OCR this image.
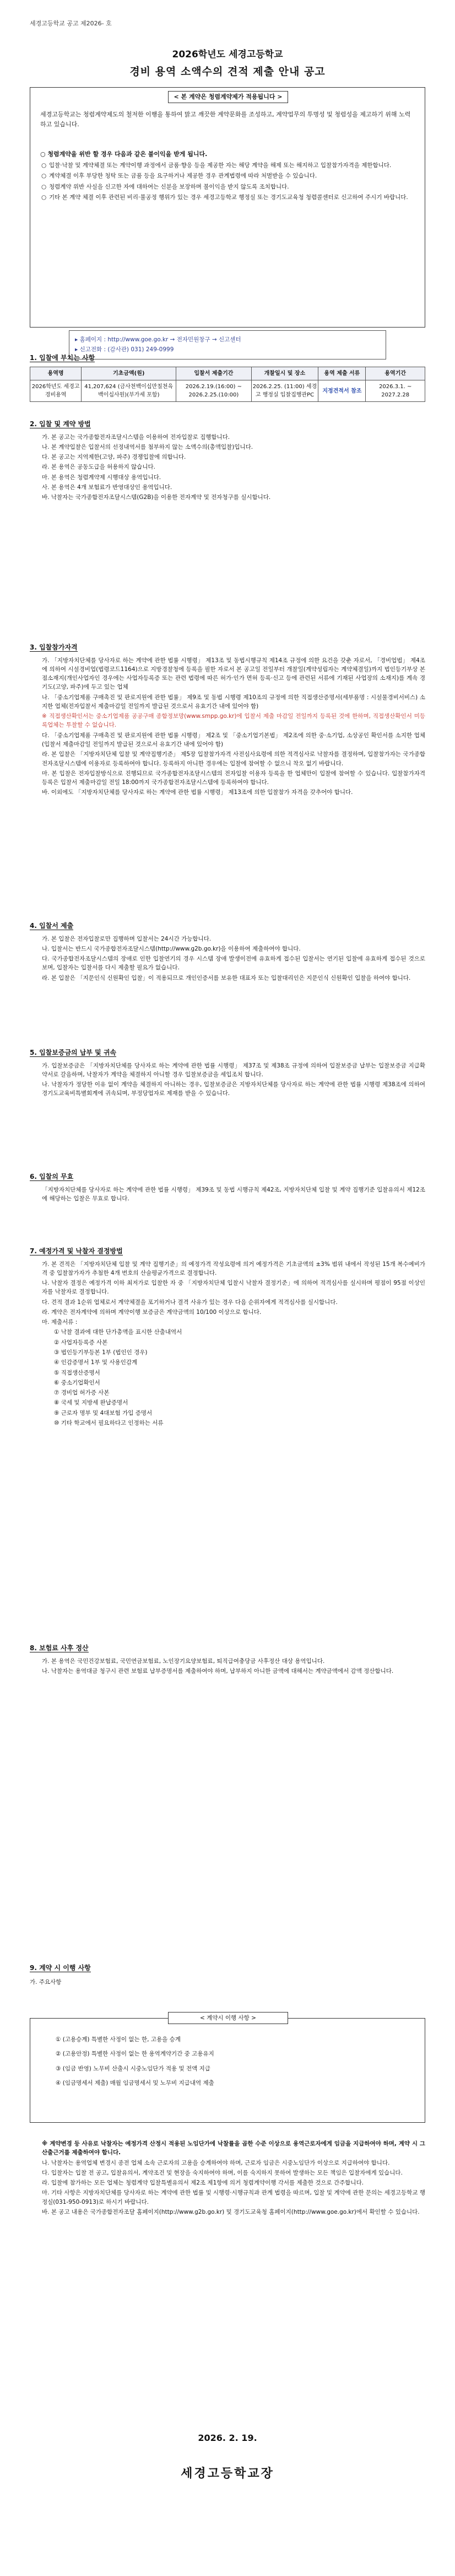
세경고등학교 공고 제2026- 호
2026학년도 세경고등학교
경비 용역 소액수의 견적 제출 안내 공고
< 본 계약은 청렴계약제가 적용됩니다 >
세경고등학교는 청렴계약제도의 철저한 이행을 통하여 맑고 깨끗한 계약문화를 조성하고, 계약업무의 투명성 및 청렴성을 제고하기 위해 노력하고 있습니다.
○ 청렴계약을 위반 할 경우 다음과 같은 불이익을 받게 됩니다.
○ 입찰·낙찰 및 계약체결 또는 계약이행 과정에서 금품·향응 등을 제공한 자는 해당 계약을 해제 또는 해지하고 입찰참가자격을 제한합니다.
○ 계약체결 이후 부당한 청탁 또는 금품 등을 요구하거나 제공한 경우 관계법령에 따라 처벌받을 수 있습니다.
○ 청렴계약 위반 사실을 신고한 자에 대하여는 신분을 보장하며 불이익을 받지 않도록 조치합니다.
○ 기타 본 계약 체결 이후 관련된 비리·불공정 행위가 있는 경우 세경고등학교 행정실 또는 경기도교육청 청렴콜센터로 신고하여 주시기 바랍니다.
▸ 홈페이지 : http://www.goe.go.kr → 전자민원창구 → 신고센터
▸ 신고전화 : (감사관) 031) 249-0999
1. 입찰에 부치는 사항
용역명	기초금액(원)	입찰서 제출기간	개찰일시 및 장소	용역 제출 서류	용역기간
2026학년도 세경고 경비용역	41,207,624 (금사천백이십만칠천육백이십사원)(부가세 포함)	2026.2.19.(16:00) ~ 2026.2.25.(10:00)	2026.2.25. (11:00) 세경고 행정실 입찰집행관PC	지정견적서 참조	2026.3.1. ~ 2027.2.28
2. 입찰 및 계약 방법
가. 본 공고는 국가종합전자조달시스템을 이용하여 전자입찰로 집행합니다.
나. 본 계약입찰은 입찰서의 선정내역서를 첨부하지 않는 소액수의(총액입찰)입니다.
다. 본 공고는 지역제한(고양, 파주) 경쟁입찰에 의합니다.
라. 본 용역은 공동도급을 허용하지 않습니다.
마. 본 용역은 청렴계약제 시행대상 용역입니다.
사. 본 용역은 4개 보험료가 반영대상인 용역입니다.
바. 낙찰자는 국가종합전자조달시스템(G2B)을 이용한 전자계약 및 전자청구를 실시합니다.
3. 입찰참가자격
가. 「지방자치단체를 당사자로 하는 계약에 관한 법률 시행령」 제13조 및 동법시행규칙 제14조 규정에 의한 요건을 갖춘 자로서, 「경비업법」 제4조에 의하여 시설경비업(법령코드1164)으로 지방경찰청에 등록을 필한 자로서 본 공고일 전일부터 개찰일(계약성립자는 계약체결일)까지 법인등기부상 본점소재지(개인사업자인 경우에는 사업자등록증 또는 관련 법령에 따른 허가·인가 면허 등록·신고 등에 관련된 서류에 기재된 사업장의 소재지)를 계속 경기도(고양, 파주)에 두고 있는 업체
나. 「중소기업제품 구매촉진 및 판로지원에 관한 법률」 제9조 및 동법 시행령 제10조의 규정에 의한 직접생산증명서(세부품명 : 시설물경비서비스) 소지한 업체(전자입찰서 제출마감일 전일까지 발급된 것으로서 유효기간 내에 있어야 함)
※ 직접생산확인서는 중소기업제품 공공구매 종합정보망(www.smpp.go.kr)에 입찰서 제출 마감일 전일까지 등록된 것에 한하며, 직접생산확인서 미등록업체는 투찰할 수 없습니다.
다. 「중소기업제품 구매촉진 및 판로지원에 관한 법률 시행령」 제2조 및 「중소기업기본법」 제2조에 의한 중·소기업, 소상공인 확인서를 소지한 업체(입찰서 제출마감일 전일까지 발급된 것으로서 유효기간 내에 있어야 함)
라. 본 입찰은 「지방자치단체 입찰 및 계약집행기준」 제5장 입찰참가자격 사전심사요령에 의한 적격심사로 낙찰자를 결정하며, 입찰참가자는 국가종합전자조달시스템에 이용자로 등록하여야 합니다. 등록하지 아니한 경우에는 입찰에 참여할 수 없으니 착오 없기 바랍니다.
마. 본 입찰은 전자입찰방식으로 진행되므로 국가종합전자조달시스템의 전자입찰 이용자 등록을 한 업체만이 입찰에 참여할 수 있습니다. 입찰참가자격 등록은 입찰서 제출마감일 전일 18:00까지 국가종합전자조달시스템에 등록하여야 합니다.
바. 이외에도 「지방자치단체를 당사자로 하는 계약에 관한 법률 시행령」 제13조에 의한 입찰참가 자격을 갖추어야 합니다.
4. 입찰서 제출
가. 본 입찰은 전자입찰로만 집행하며 입찰서는 24시간 가능합니다.
나. 입찰서는 반드시 국가종합전자조달시스템(http://www.g2b.go.kr)을 이용하여 제출하여야 합니다.
다. 국가종합전자조달시스템의 장애로 인한 입찰연기의 경우 시스템 장애 발생이전에 유효하게 접수된 입찰서는 연기된 입찰에 유효하게 접수된 것으로 보며, 입찰자는 입찰서를 다시 제출할 필요가 없습니다.
라. 본 입찰은 「지문인식 신원확인 입찰」이 적용되므로 개인인증서를 보유한 대표자 또는 입찰대리인은 지문인식 신원확인 입찰을 하여야 합니다.
5. 입찰보증금의 납부 및 귀속
가. 입찰보증금은 「지방자치단체를 당사자로 하는 계약에 관한 법률 시행령」 제37조 및 제38조 규정에 의하여 입찰보증금 납부는 입찰보증금 지급확약서로 갈음하며, 낙찰자가 계약을 체결하지 아니할 경우 입찰보증금을 세입조치 합니다.
나. 낙찰자가 정당한 이유 없이 계약을 체결하지 아니하는 경우, 입찰보증금은 지방자치단체를 당사자로 하는 계약에 관한 법률 시행령 제38조에 의하여 경기도교육비특별회계에 귀속되며, 부정당업자로 제재를 받을 수 있습니다.
6. 입찰의 무효
「지방자치단체를 당사자로 하는 계약에 관한 법률 시행령」 제39조 및 동법 시행규칙 제42조, 지방자치단체 입찰 및 계약 집행기준 입찰유의서 제12조에 해당하는 입찰은 무효로 합니다.
7. 예정가격 및 낙찰자 결정방법
가. 본 견적은 「지방자치단체 입찰 및 계약 집행기준」의 예정가격 작성요령에 의거 예정가격은 기초금액의 ±3% 범위 내에서 작성된 15개 복수예비가격 중 입찰참가자가 추첨한 4개 번호의 산술평균가격으로 결정합니다.
나. 낙찰자 결정은 예정가격 이하 최저가로 입찰한 자 중 「지방자치단체 입찰시 낙찰자 결정기준」에 의하여 적격심사를 실시하며 평점이 95점 이상인 자를 낙찰자로 결정합니다.
다. 견적 결과 1순위 업체로서 계약체결을 포기하거나 결격 사유가 있는 경우 다음 순위자에게 적격심사를 실시합니다.
라. 계약은 전자계약에 의하며 계약이행 보증금은 계약금액의 10/100 이상으로 합니다.
마. 제출서류 :
① 낙찰 결과에 대한 단가총액을 표시한 산출내역서
② 사업자등록증 사본
③ 법인등기부등본 1부 (법인인 경우)
④ 인감증명서 1부 및 사용인감계
⑤ 직접생산증명서
⑥ 중소기업확인서
⑦ 경비업 허가증 사본
⑧ 국세 및 지방세 완납증명서
⑨ 근로자 명부 및 4대보험 가입 증명서
⑩ 기타 학교에서 필요하다고 인정하는 서류
8. 보험료 사후 정산
가. 본 용역은 국민건강보험료, 국민연금보험료, 노인장기요양보험료, 퇴직급여충당금 사후정산 대상 용역입니다.
나. 낙찰자는 용역대금 청구시 관련 보험료 납부증명서를 제출하여야 하며, 납부하지 아니한 금액에 대해서는 계약금액에서 감액 정산합니다.
9. 계약 시 이행 사항
가. 주요사항
< 계약시 이행 사항 >
① (고용승계) 특별한 사정이 없는 한, 고용을 승계
② (고용안정) 특별한 사정이 없는 한 용역계약기간 중 고용유지
③ (임금 반영) 노무비 산출시 시중노임단가 적용 및 전액 지급
④ (임금명세서 제출) 매월 임금명세서 및 노무비 지급내역 제출
※ 계약변경 등 사유로 낙찰자는 예정가격 산정시 적용된 노임단가에 낙찰률을 곱한 수준 이상으로 용역근로자에게 임금을 지급하여야 하며, 계약 시 그 산출근거를 제출하여야 합니다.
나. 낙찰자는 용역업체 변경시 종전 업체 소속 근로자의 고용을 승계하여야 하며, 근로자 임금은 시중노임단가 이상으로 지급하여야 합니다.
다. 입찰자는 입찰 전 공고, 입찰유의서, 계약조건 및 현장을 숙지하여야 하며, 이를 숙지하지 못하여 발생하는 모든 책임은 입찰자에게 있습니다.
라. 입찰에 참가하는 모든 업체는 청렴계약 입찰특별유의서 제2조 제1항에 의거 청렴계약이행 각서를 제출한 것으로 간주합니다.
마. 기타 사항은 지방자치단체를 당사자로 하는 계약에 관한 법률 및 시행령·시행규칙과 관계 법령을 따르며, 입찰 및 계약에 관한 문의는 세경고등학교 행정실(031-950-0913)로 하시기 바랍니다.
바. 본 공고 내용은 국가종합전자조달 홈페이지(http://www.g2b.go.kr) 및 경기도교육청 홈페이지(http://www.goe.go.kr)에서 확인할 수 있습니다.
2026. 2. 19.
세경고등학교장
